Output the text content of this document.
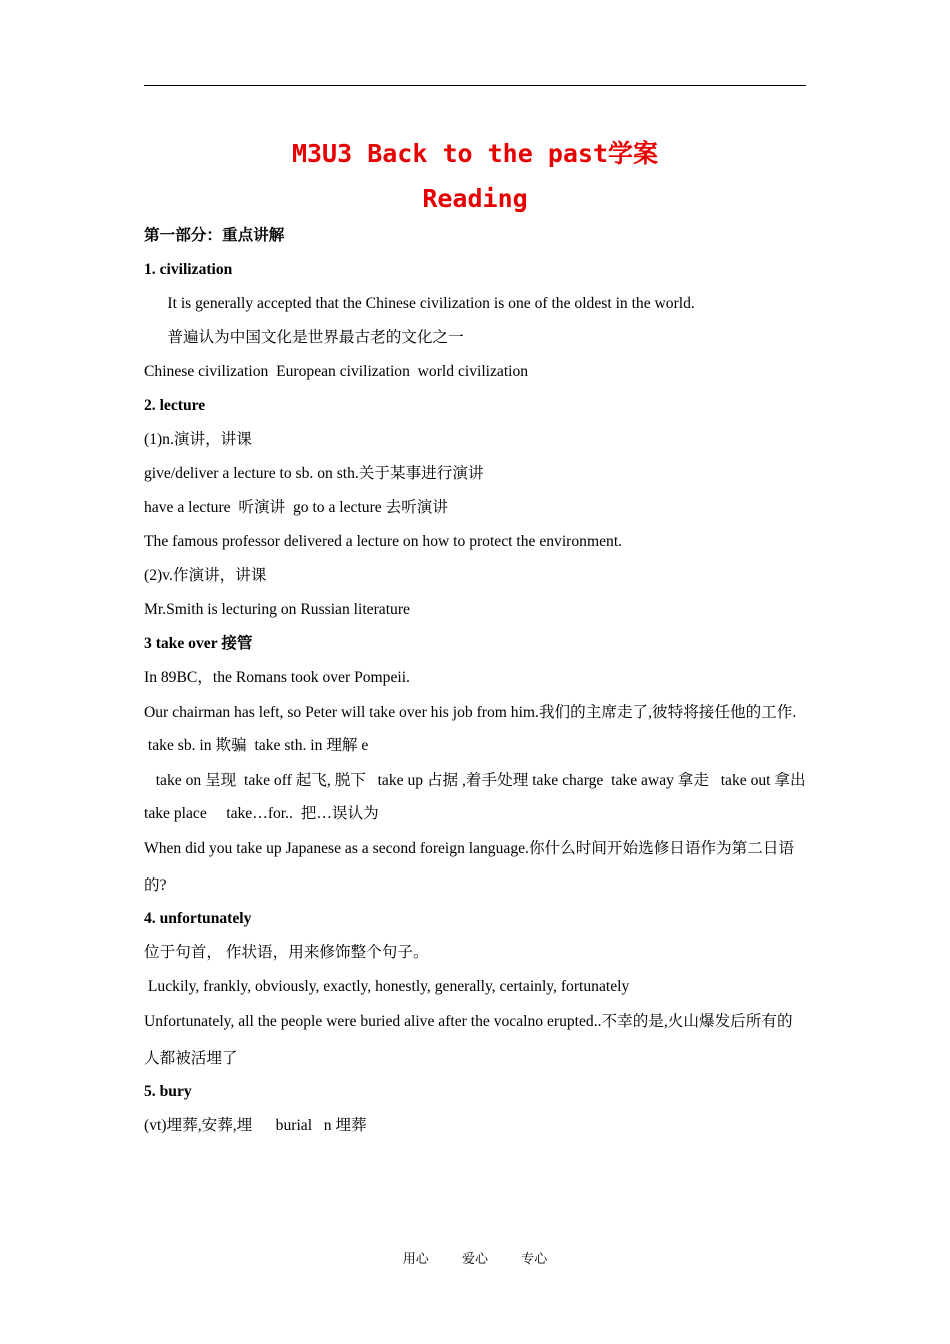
M3U3 Back to the past学案
Reading
第一部分：重点讲解
1. civilization
It is generally accepted that the Chinese civilization is one of the oldest in the world.
普遍认为中国文化是世界最古老的文化之一
Chinese civilization  European civilization  world civilization
2. lecture
(1)n.演讲，讲课
give/deliver a lecture to sb. on sth.关于某事进行演讲
have a lecture  听演讲  go to a lecture 去听演讲
The famous professor delivered a lecture on how to protect the environment.
(2)v.作演讲，讲课
Mr.Smith is lecturing on Russian literature
3 take over 接管
In 89BC，the Romans took over Pompeii.
Our chairman has left, so Peter will take over his job from him.我们的主席走了,彼特将接任他的工作.
take sb. in 欺骗  take sth. in 理解 e
take on 呈现  take off 起飞, 脱下   take up 占据 ,着手处理 take charge  take away 拿走   take out 拿出
take place     take…for..  把…误认为
When did you take up Japanese as a second foreign language.你什么时间开始选修日语作为第二日语的?
4. unfortunately
位于句首， 作状语，用来修饰整个句子。
Luckily, frankly, obviously, exactly, honestly, generally, certainly, fortunately
Unfortunately, all the people were buried alive after the vocalno erupted..不幸的是,火山爆发后所有的人都被活埋了
5. bury
(vt)埋葬,安葬,埋      burial   n 埋葬
用心	爱心	专心
